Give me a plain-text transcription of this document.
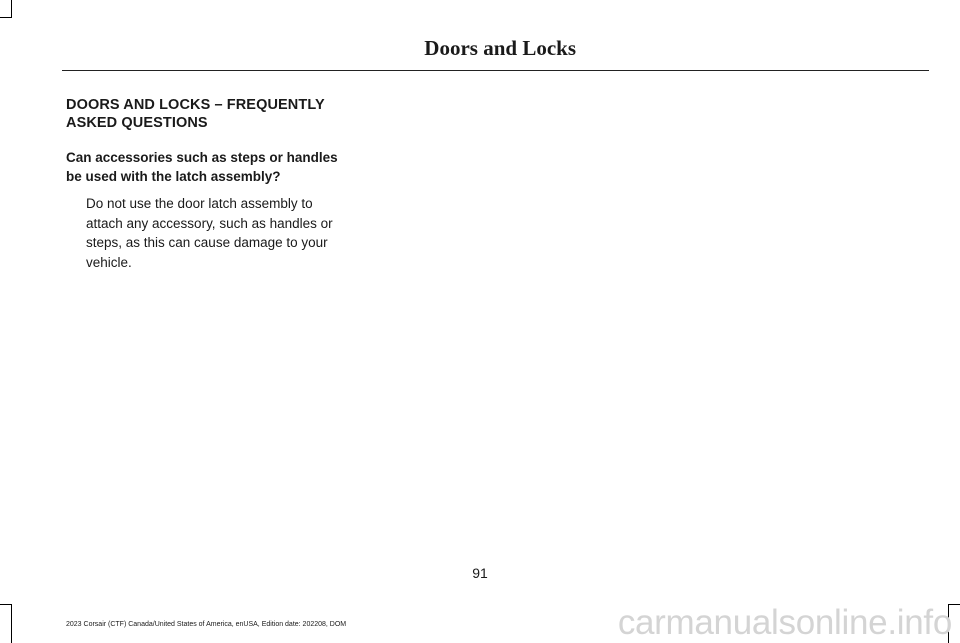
Doors and Locks
DOORS AND LOCKS – FREQUENTLY ASKED QUESTIONS

Can accessories such as steps or handles be used with the latch assembly?

Do not use the door latch assembly to attach any accessory, such as handles or steps, as this can cause damage to your vehicle.

91
2023 Corsair (CTF) Canada/United States of America, enUSA, Edition date: 202208, DOM	carmanualsonline.info
